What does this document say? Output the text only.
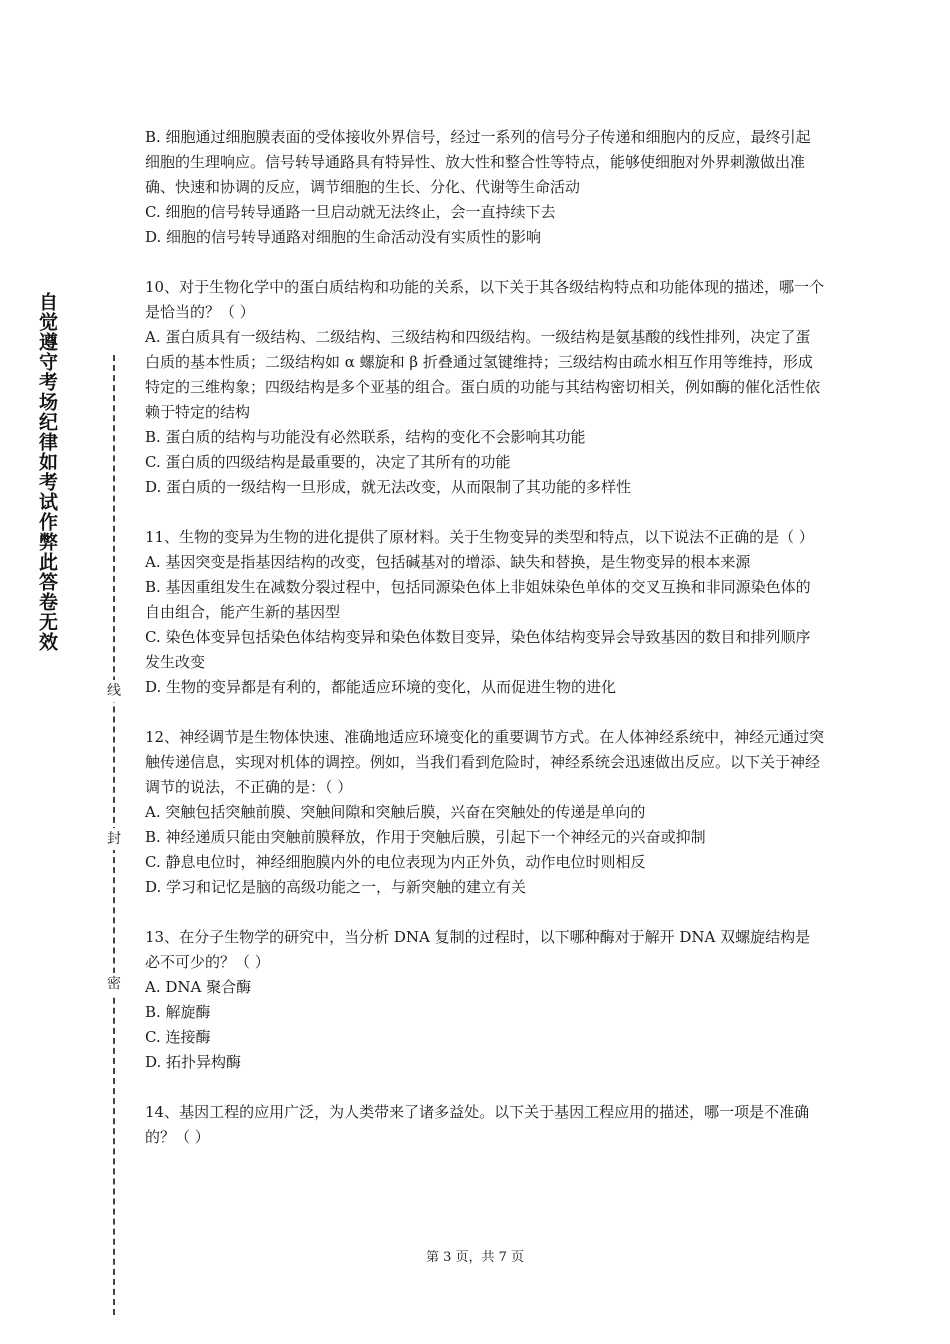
自觉遵守考场纪律如考试作弊此答卷无效
线
封
密

B. 细胞通过细胞膜表面的受体接收外界信号，经过一系列的信号分子传递和细胞内的反应，最终引起细胞的生理响应。信号转导通路具有特异性、放大性和整合性等特点，能够使细胞对外界刺激做出准确、快速和协调的反应，调节细胞的生长、分化、代谢等生命活动

C. 细胞的信号转导通路一旦启动就无法终止，会一直持续下去

D. 细胞的信号转导通路对细胞的生命活动没有实质性的影响

10、对于生物化学中的蛋白质结构和功能的关系，以下关于其各级结构特点和功能体现的描述，哪一个是恰当的？（ ）

A. 蛋白质具有一级结构、二级结构、三级结构和四级结构。一级结构是氨基酸的线性排列，决定了蛋白质的基本性质；二级结构如 α 螺旋和 β 折叠通过氢键维持；三级结构由疏水相互作用等维持，形成特定的三维构象；四级结构是多个亚基的组合。蛋白质的功能与其结构密切相关，例如酶的催化活性依赖于特定的结构

B. 蛋白质的结构与功能没有必然联系，结构的变化不会影响其功能

C. 蛋白质的四级结构是最重要的，决定了其所有的功能

D. 蛋白质的一级结构一旦形成，就无法改变，从而限制了其功能的多样性

11、生物的变异为生物的进化提供了原材料。关于生物变异的类型和特点，以下说法不正确的是（ ）

A. 基因突变是指基因结构的改变，包括碱基对的增添、缺失和替换，是生物变异的根本来源

B. 基因重组发生在减数分裂过程中，包括同源染色体上非姐妹染色单体的交叉互换和非同源染色体的自由组合，能产生新的基因型

C. 染色体变异包括染色体结构变异和染色体数目变异，染色体结构变异会导致基因的数目和排列顺序发生改变

D. 生物的变异都是有利的，都能适应环境的变化，从而促进生物的进化

12、神经调节是生物体快速、准确地适应环境变化的重要调节方式。在人体神经系统中，神经元通过突触传递信息，实现对机体的调控。例如，当我们看到危险时，神经系统会迅速做出反应。以下关于神经调节的说法，不正确的是：（ ）

A. 突触包括突触前膜、突触间隙和突触后膜，兴奋在突触处的传递是单向的

B. 神经递质只能由突触前膜释放，作用于突触后膜，引起下一个神经元的兴奋或抑制

C. 静息电位时，神经细胞膜内外的电位表现为内正外负，动作电位时则相反

D. 学习和记忆是脑的高级功能之一，与新突触的建立有关

13、在分子生物学的研究中，当分析 DNA 复制的过程时，以下哪种酶对于解开 DNA 双螺旋结构是必不可少的？（ ）

A. DNA 聚合酶

B. 解旋酶

C. 连接酶

D. 拓扑异构酶

14、基因工程的应用广泛，为人类带来了诸多益处。以下关于基因工程应用的描述，哪一项是不准确的？（ ）

第 3 页，共 7 页
